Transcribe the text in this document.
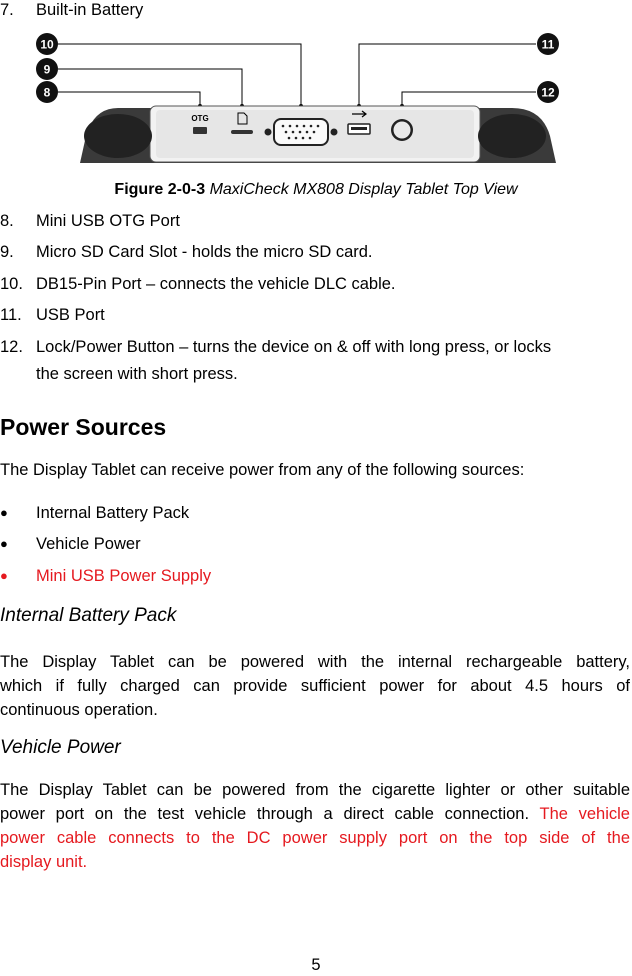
7. Built-in Battery
10
9
8
11
12
OTG
Figure 2-0-3 MaxiCheck MX808 Display Tablet Top View
8. Mini USB OTG Port
9. Micro SD Card Slot - holds the micro SD card.
10. DB15-Pin Port – connects the vehicle DLC cable.
11. USB Port
12. Lock/Power Button – turns the device on & off with long press, or locks
the screen with short press.
Power Sources
The Display Tablet can receive power from any of the following sources:
● Internal Battery Pack
● Vehicle Power
● Mini USB Power Supply
Internal Battery Pack
The Display Tablet can be powered with the internal rechargeable battery,
which if fully charged can provide sufficient power for about 4.5 hours of
continuous operation.
Vehicle Power
The Display Tablet can be powered from the cigarette lighter or other suitable
power port on the test vehicle through a direct cable connection. The vehicle
power cable connects to the DC power supply port on the top side of the
display unit.
5
